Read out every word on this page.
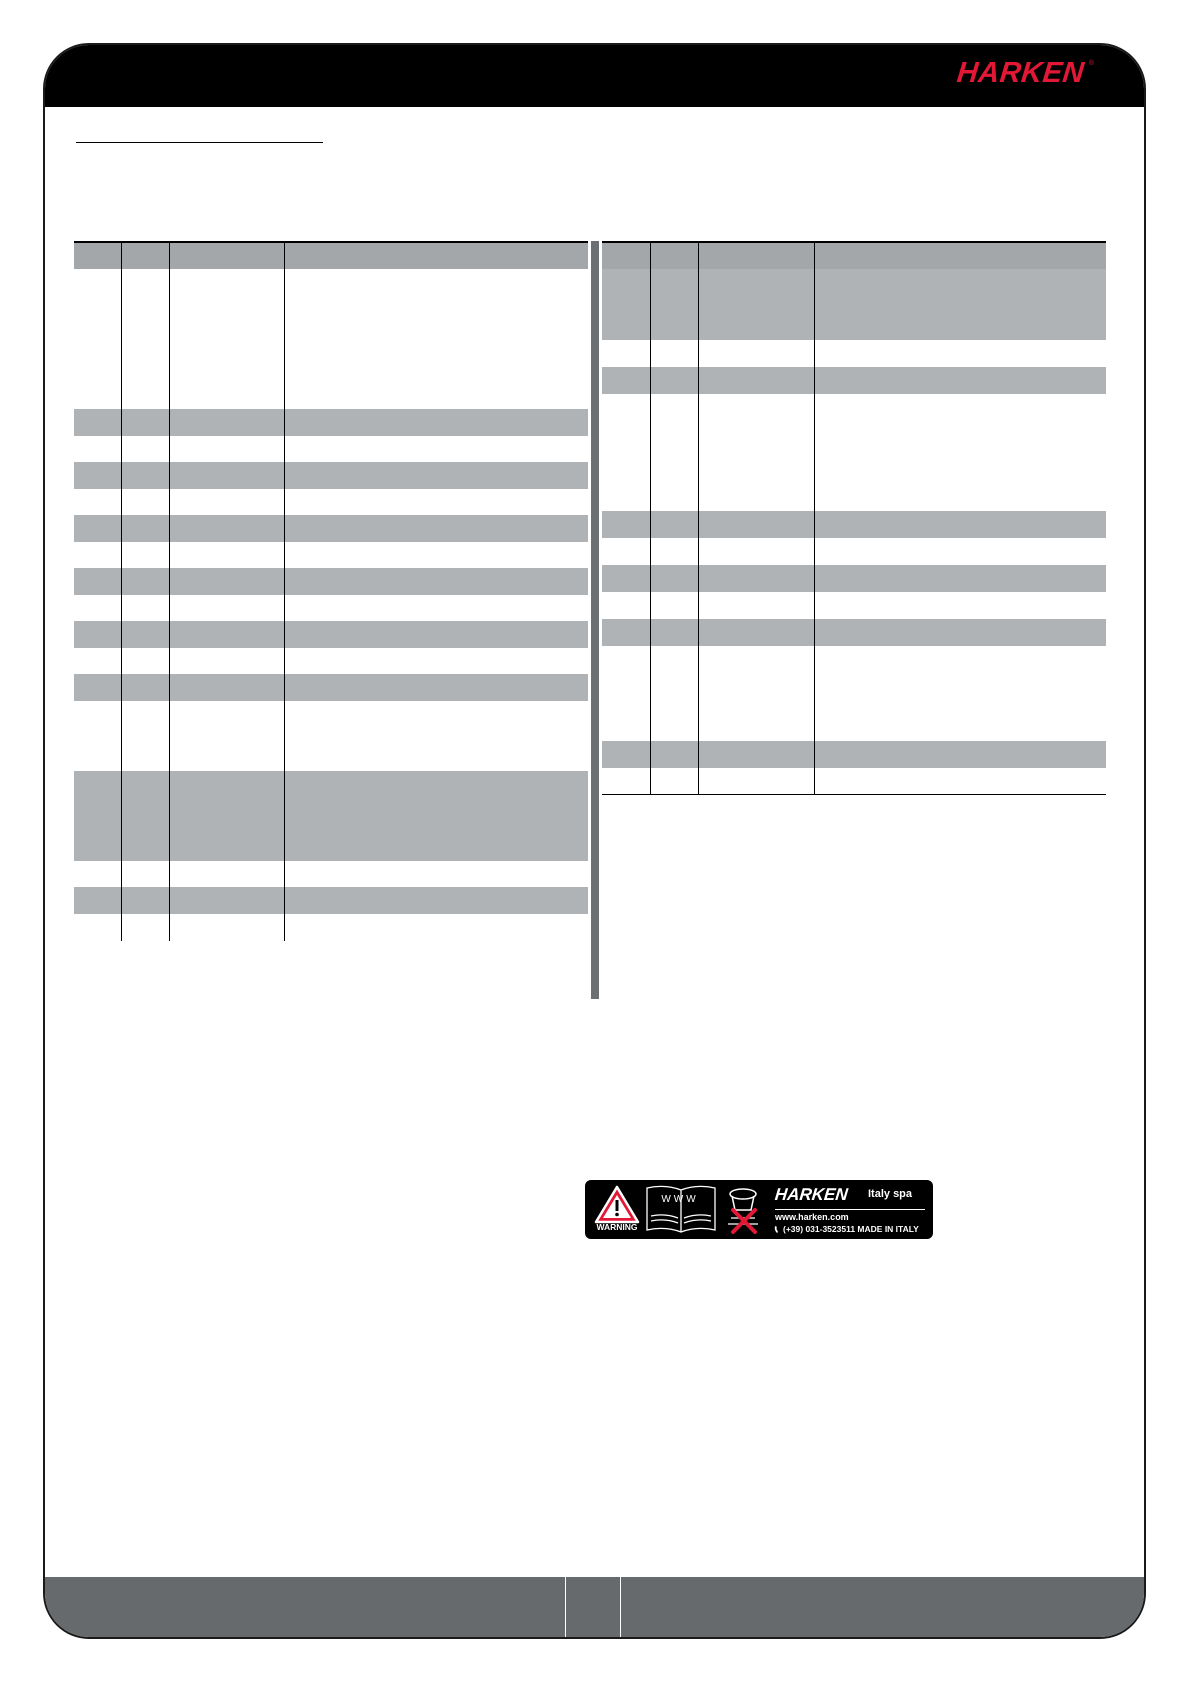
HARKEN ®
WARNING
WWW	HARKEN Italy spa
www.harken.com
(+39) 031-3523511 MADE IN ITALY
